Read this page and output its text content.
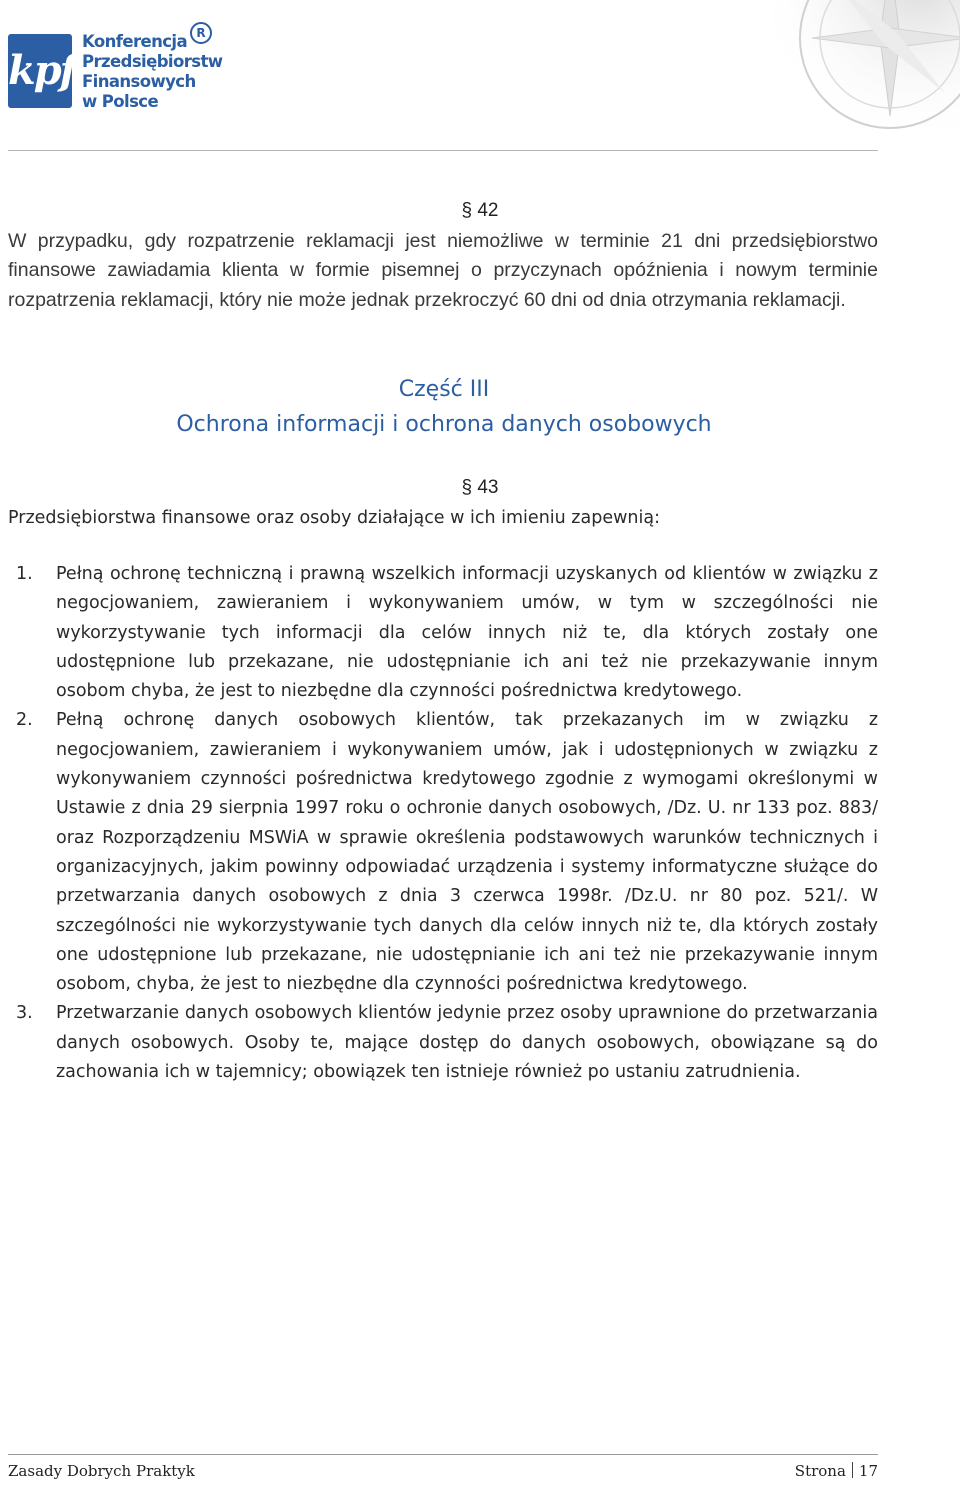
kpf
Konferencja
Przedsiębiorstw
Finansowych
w Polsce
R
§ 42
W przypadku, gdy rozpatrzenie reklamacji jest niemożliwe w terminie 21 dni przedsiębiorstwo finansowe zawiadamia klienta w formie pisemnej o przyczynach opóźnienia i nowym terminie rozpatrzenia reklamacji, który nie może jednak przekroczyć 60 dni od dnia otrzymania reklamacji.
Część III
Ochrona informacji i ochrona danych osobowych
§ 43
Przedsiębiorstwa finansowe oraz osoby działające w ich imieniu zapewnią:
1. Pełną ochronę techniczną i prawną wszelkich informacji uzyskanych od klientów w związku z negocjowaniem, zawieraniem i wykonywaniem umów, w tym w szczególności nie wykorzystywanie tych informacji dla celów innych niż te, dla których zostały one udostępnione lub przekazane, nie udostępnianie ich ani też nie przekazywanie innym osobom chyba, że jest to niezbędne dla czynności pośrednictwa kredytowego.
2. Pełną ochronę danych osobowych klientów, tak przekazanych im w związku z negocjowaniem, zawieraniem i wykonywaniem umów, jak i udostępnionych w związku z wykonywaniem czynności pośrednictwa kredytowego zgodnie z wymogami określonymi w Ustawie z dnia 29 sierpnia 1997 roku o ochronie danych osobowych, /Dz. U. nr 133 poz. 883/ oraz Rozporządzeniu MSWiA w sprawie określenia podstawowych warunków technicznych i organizacyjnych, jakim powinny odpowiadać urządzenia i systemy informatyczne służące do przetwarzania danych osobowych z dnia 3 czerwca 1998r. /Dz.U. nr 80 poz. 521/. W szczególności nie wykorzystywanie tych danych dla celów innych niż te, dla których zostały one udostępnione lub przekazane, nie udostępnianie ich ani też nie przekazywanie innym osobom, chyba, że jest to niezbędne dla czynności pośrednictwa kredytowego.
3. Przetwarzanie danych osobowych klientów jedynie przez osoby uprawnione do przetwarzania danych osobowych. Osoby te, mające dostęp do danych osobowych, obowiązane są do zachowania ich w tajemnicy; obowiązek ten istnieje również po ustaniu zatrudnienia.
Zasady Dobrych Praktyk	Strona 17
